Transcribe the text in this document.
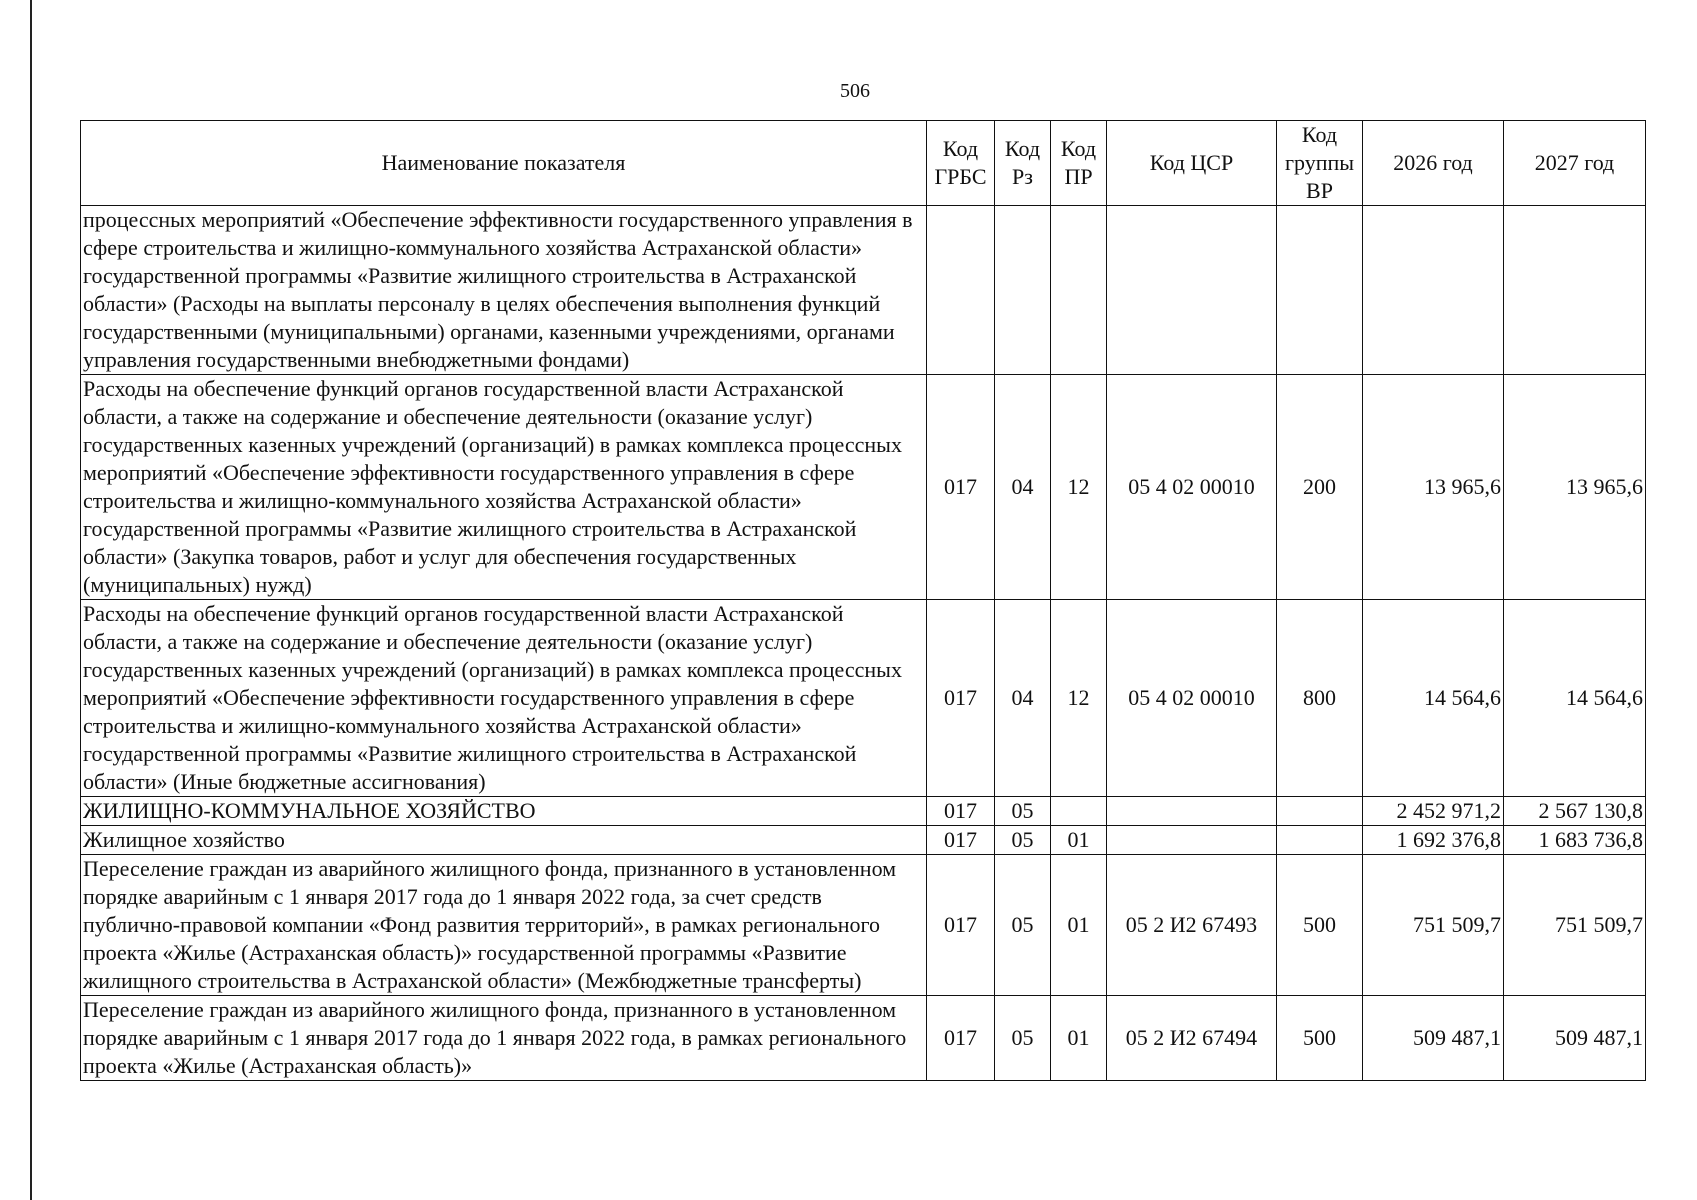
506
Наименование показателя	Код ГРБС	Код Рз	Код ПР	Код ЦСР	Код группы ВР	2026 год	2027 год
процессных мероприятий «Обеспечение эффективности государственного управления в сфере строительства и жилищно-коммунального хозяйства Астраханской области» государственной программы «Развитие жилищного строительства в Астраханской области» (Расходы на выплаты персоналу в целях обеспечения выполнения функций государственными (муниципальными) органами, казенными учреждениями, органами управления государственными внебюджетными фондами)							
Расходы на обеспечение функций органов государственной власти Астраханской области, а также на содержание и обеспечение деятельности (оказание услуг) государственных казенных учреждений (организаций) в рамках комплекса процессных мероприятий «Обеспечение эффективности государственного управления в сфере строительства и жилищно-коммунального хозяйства Астраханской области» государственной программы «Развитие жилищного строительства в Астраханской области» (Закупка товаров, работ и услуг для обеспечения государственных (муниципальных) нужд)	017	04	12	05 4 02 00010	200	13 965,6	13 965,6
Расходы на обеспечение функций органов государственной власти Астраханской области, а также на содержание и обеспечение деятельности (оказание услуг) государственных казенных учреждений (организаций) в рамках комплекса процессных мероприятий «Обеспечение эффективности государственного управления в сфере строительства и жилищно-коммунального хозяйства Астраханской области» государственной программы «Развитие жилищного строительства в Астраханской области» (Иные бюджетные ассигнования)	017	04	12	05 4 02 00010	800	14 564,6	14 564,6
ЖИЛИЩНО-КОММУНАЛЬНОЕ ХОЗЯЙСТВО	017	05				2 452 971,2	2 567 130,8
Жилищное хозяйство	017	05	01			1 692 376,8	1 683 736,8
Переселение граждан из аварийного жилищного фонда, признанного в установленном порядке аварийным с 1 января 2017 года до 1 января 2022 года, за счет средств публично-правовой компании «Фонд развития территорий», в рамках регионального проекта «Жилье (Астраханская область)» государственной программы «Развитие жилищного строительства в Астраханской области» (Межбюджетные трансферты)	017	05	01	05 2 И2 67493	500	751 509,7	751 509,7
Переселение граждан из аварийного жилищного фонда, признанного в установленном порядке аварийным с 1 января 2017 года до 1 января 2022 года, в рамках регионального проекта «Жилье (Астраханская область)»	017	05	01	05 2 И2 67494	500	509 487,1	509 487,1
